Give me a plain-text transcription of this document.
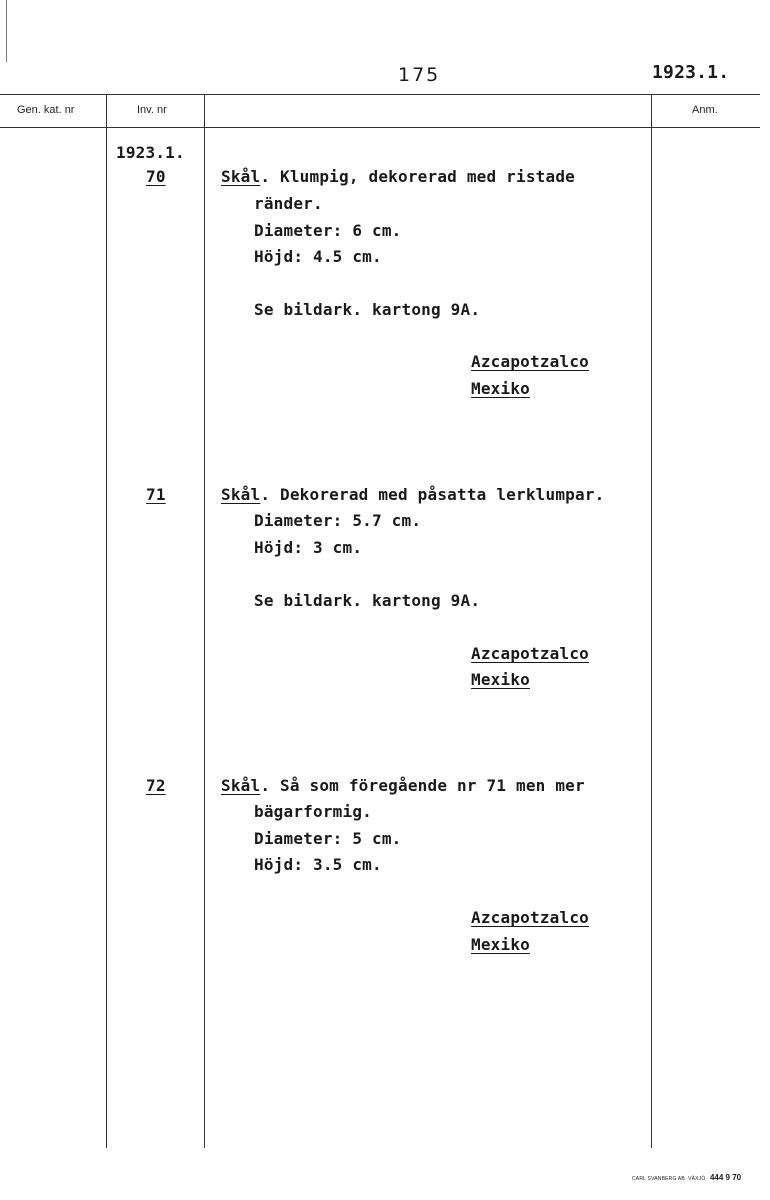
175	1923.1.
Gen. kat. nr	Inv. nr	Anm.
1923.1.
70	Skål. Klumpig, dekorerad med ristade
ränder.
Diameter: 6 cm.
Höjd: 4.5 cm.
Se bildark. kartong 9A.
Azcapotzalco
Mexiko
71	Skål. Dekorerad med påsatta lerklumpar.
Diameter: 5.7 cm.
Höjd: 3 cm.
Se bildark. kartong 9A.
Azcapotzalco
Mexiko
72	Skål. Så som föregående nr 71 men mer
bägarformig.
Diameter: 5 cm.
Höjd: 3.5 cm.
Azcapotzalco
Mexiko
CARL SVANBERG AB. VÄXJÖ 444 9 70
